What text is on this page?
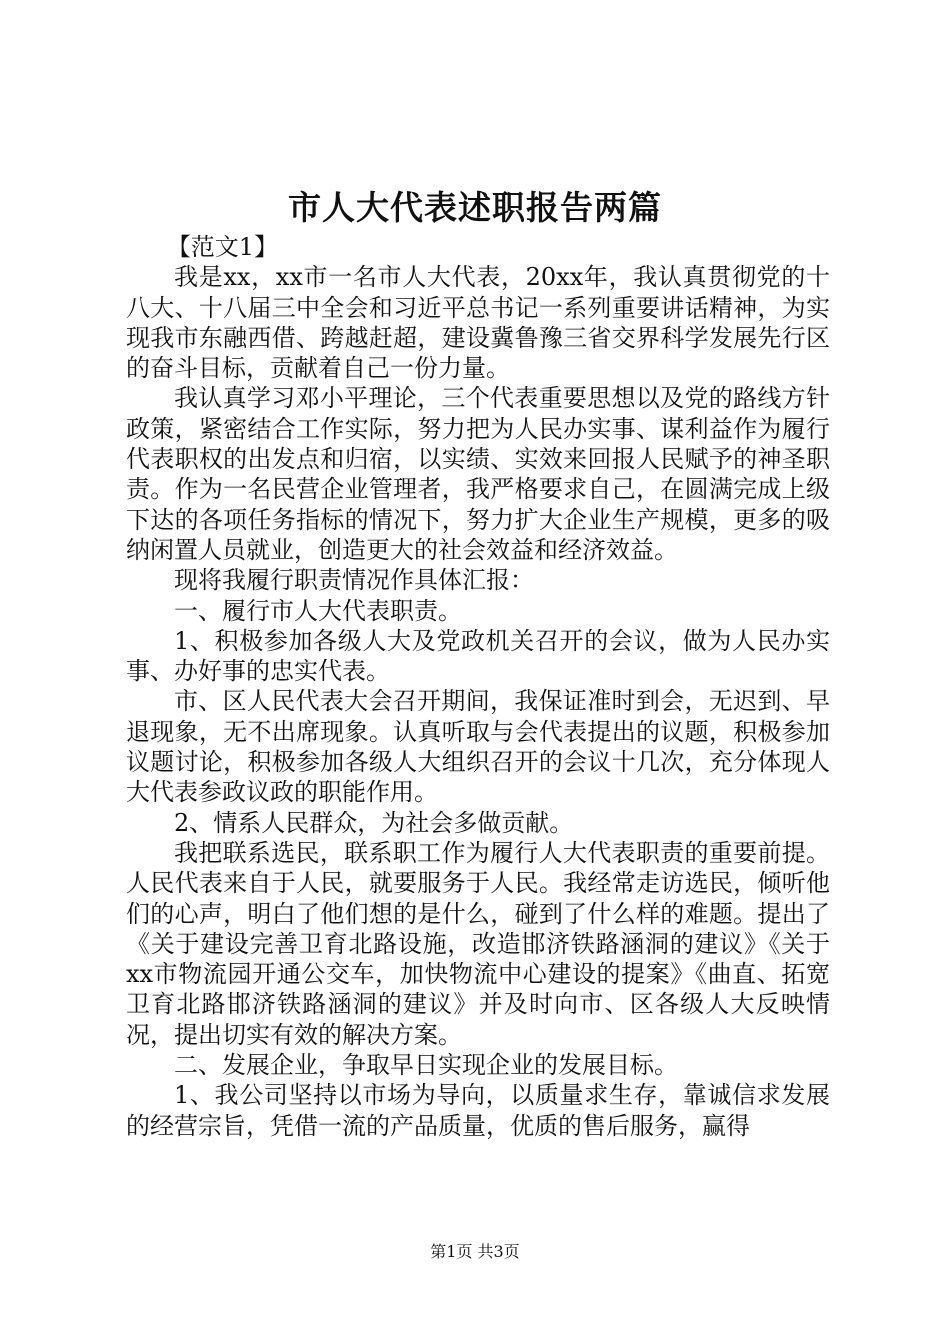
市人大代表述职报告两篇

【范文1】

我是xx，xx市一名市人大代表，20xx年，我认真贯彻党的十八大、十八届三中全会和习近平总书记一系列重要讲话精神，为实现我市东融西借、跨越赶超，建设冀鲁豫三省交界科学发展先行区的奋斗目标，贡献着自己一份力量。

我认真学习邓小平理论，三个代表重要思想以及党的路线方针政策，紧密结合工作实际，努力把为人民办实事、谋利益作为履行代表职权的出发点和归宿，以实绩、实效来回报人民赋予的神圣职责。作为一名民营企业管理者，我严格要求自己，在圆满完成上级下达的各项任务指标的情况下，努力扩大企业生产规模，更多的吸纳闲置人员就业，创造更大的社会效益和经济效益。

现将我履行职责情况作具体汇报：

一、履行市人大代表职责。

1、积极参加各级人大及党政机关召开的会议，做为人民办实事、办好事的忠实代表。

市、区人民代表大会召开期间，我保证准时到会，无迟到、早退现象，无不出席现象。认真听取与会代表提出的议题，积极参加议题讨论，积极参加各级人大组织召开的会议十几次，充分体现人大代表参政议政的职能作用。

2、情系人民群众，为社会多做贡献。

我把联系选民，联系职工作为履行人大代表职责的重要前提。人民代表来自于人民，就要服务于人民。我经常走访选民，倾听他们的心声，明白了他们想的是什么，碰到了什么样的难题。提出了《关于建设完善卫育北路设施，改造邯济铁路涵洞的建议》《关于xx市物流园开通公交车，加快物流中心建设的提案》《曲直、拓宽卫育北路邯济铁路涵洞的建议》并及时向市、区各级人大反映情况，提出切实有效的解决方案。

二、发展企业，争取早日实现企业的发展目标。

1、我公司坚持以市场为导向，以质量求生存，靠诚信求发展的经营宗旨，凭借一流的产品质量，优质的售后服务，赢得

第1页 共3页
